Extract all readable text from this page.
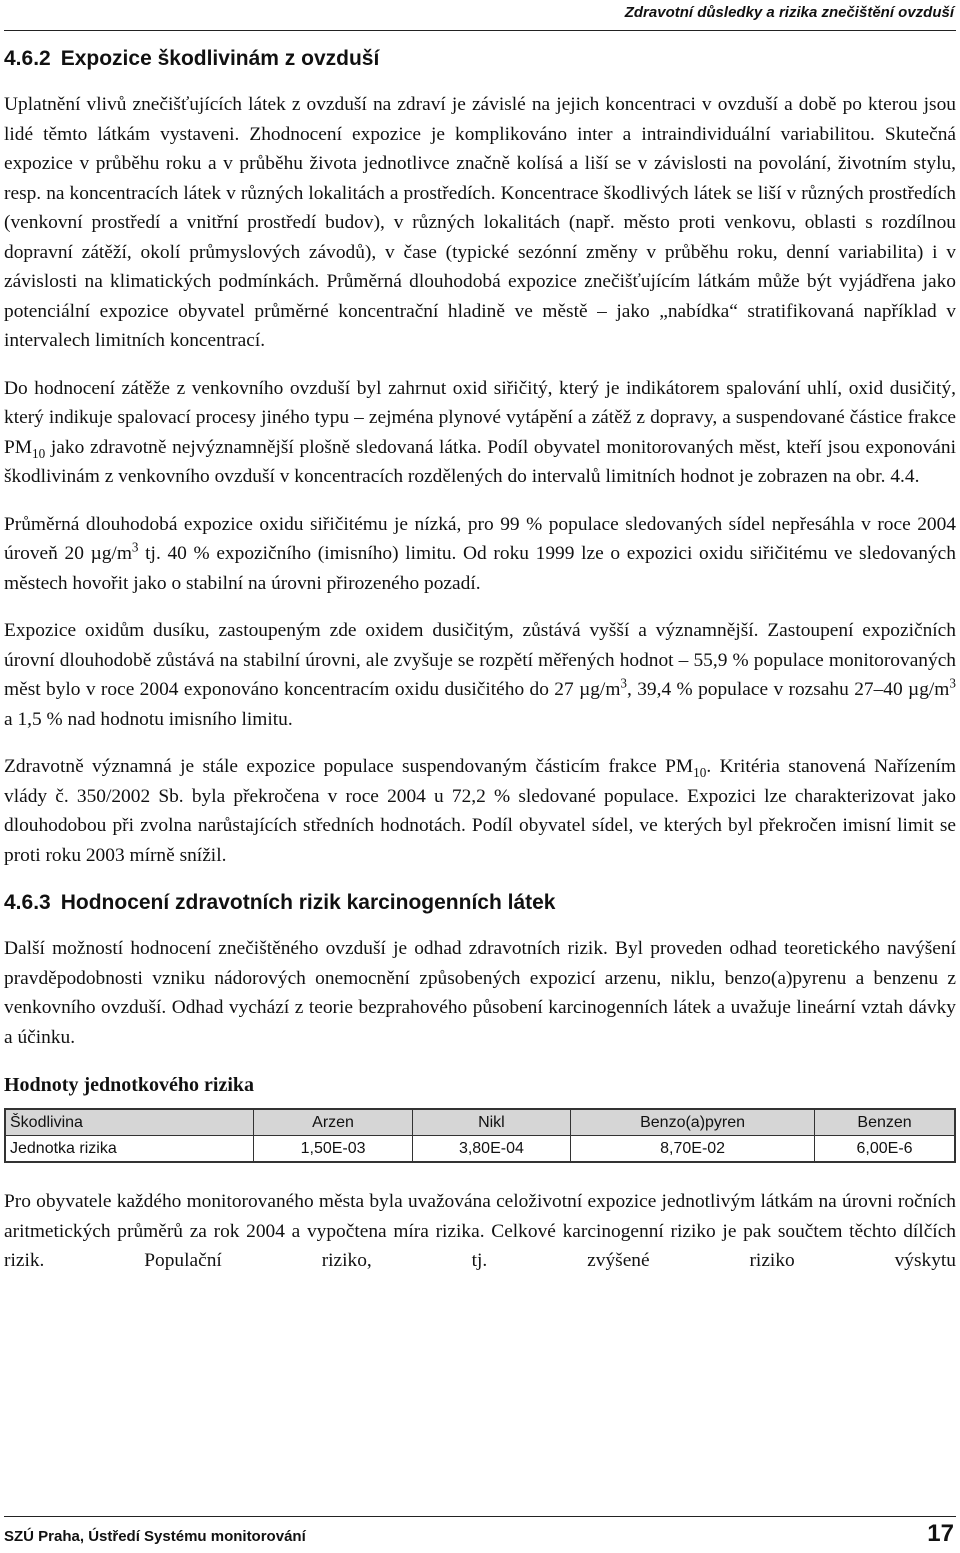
Zdravotní důsledky a rizika znečištění ovzduší
4.6.2 Expozice škodlivinám z ovzduší

Uplatnění vlivů znečišťujících látek z ovzduší na zdraví je závislé na jejich koncentraci v ovzduší a době po kterou jsou lidé těmto látkám vystaveni. Zhodnocení expozice je komplikováno inter a intraindividuální variabilitou. Skutečná expozice v průběhu roku a v průběhu života jednotlivce značně kolísá a liší se v závislosti na povolání, životním stylu, resp. na koncentracích látek v různých lokalitách a prostředích. Koncentrace škodlivých látek se liší v různých prostředích (venkovní prostředí a vnitřní prostředí budov), v různých lokalitách (např. město proti venkovu, oblasti s rozdílnou dopravní zátěží, okolí průmyslových závodů), v čase (typické sezónní změny v průběhu roku, denní variabilita) i v závislosti na klimatických podmínkách. Průměrná dlouhodobá expozice znečišťujícím látkám může být vyjádřena jako potenciální expozice obyvatel průměrné koncentrační hladině ve městě – jako „nabídka“ stratifikovaná například v intervalech limitních koncentrací.

Do hodnocení zátěže z venkovního ovzduší byl zahrnut oxid siřičitý, který je indikátorem spalování uhlí, oxid dusičitý, který indikuje spalovací procesy jiného typu – zejména plynové vytápění a zátěž z dopravy, a suspendované částice frakce $PM_{10}$ jako zdravotně nejvýznamnější plošně sledovaná látka. Podíl obyvatel monitorovaných měst, kteří jsou exponováni škodlivinám z venkovního ovzduší v koncentracích rozdělených do intervalů limitních hodnot je zobrazen na obr. 4.4.

Průměrná dlouhodobá expozice oxidu siřičitému je nízká, pro 99 % populace sledovaných sídel nepřesáhla v roce 2004 úroveň 20 $\mu g/m^3$ tj. 40 % expozičního (imisního) limitu. Od roku 1999 lze o expozici oxidu siřičitému ve sledovaných městech hovořit jako o stabilní na úrovni přirozeného pozadí.

Expozice oxidům dusíku, zastoupeným zde oxidem dusičitým, zůstává vyšší a významnější. Zastoupení expozičních úrovní dlouhodobě zůstává na stabilní úrovni, ale zvyšuje se rozpětí měřených hodnot – 55,9 % populace monitorovaných měst bylo v roce 2004 exponováno koncentracím oxidu dusičitého do 27 $\mu g/m^3$, 39,4 % populace v rozsahu 27–40 $\mu g/m^3$ a 1,5 % nad hodnotu imisního limitu.

Zdravotně významná je stále expozice populace suspendovaným částicím frakce $PM_{10}$. Kritéria stanovená Nařízením vlády č. 350/2002 Sb. byla překročena v roce 2004 u 72,2 % sledované populace. Expozici lze charakterizovat jako dlouhodobou při zvolna narůstajících středních hodnotách. Podíl obyvatel sídel, ve kterých byl překročen imisní limit se proti roku 2003 mírně snížil.

4.6.3 Hodnocení zdravotních rizik karcinogenních látek

Další možností hodnocení znečištěného ovzduší je odhad zdravotních rizik. Byl proveden odhad teoretického navýšení pravděpodobnosti vzniku nádorových onemocnění způsobených expozicí arzenu, niklu, benzo(a)pyrenu a benzenu z venkovního ovzduší. Odhad vychází z teorie bezprahového působení karcinogenních látek a uvažuje lineární vztah dávky a účinku.

Hodnoty jednotkového rizika
Škodlivina	Arzen	Nikl	Benzo(a)pyren	Benzen
Jednotka rizika	1,50E-03	3,80E-04	8,70E-02	6,00E-6

Pro obyvatele každého monitorovaného města byla uvažována celoživotní expozice jednotlivým látkám na úrovni ročních aritmetických průměrů za rok 2004 a vypočtena míra rizika. Celkové karcinogenní riziko je pak součtem těchto dílčích rizik. Populační riziko, tj. zvýšené riziko výskytu

SZÚ Praha, Ústředí Systému monitorování	17
